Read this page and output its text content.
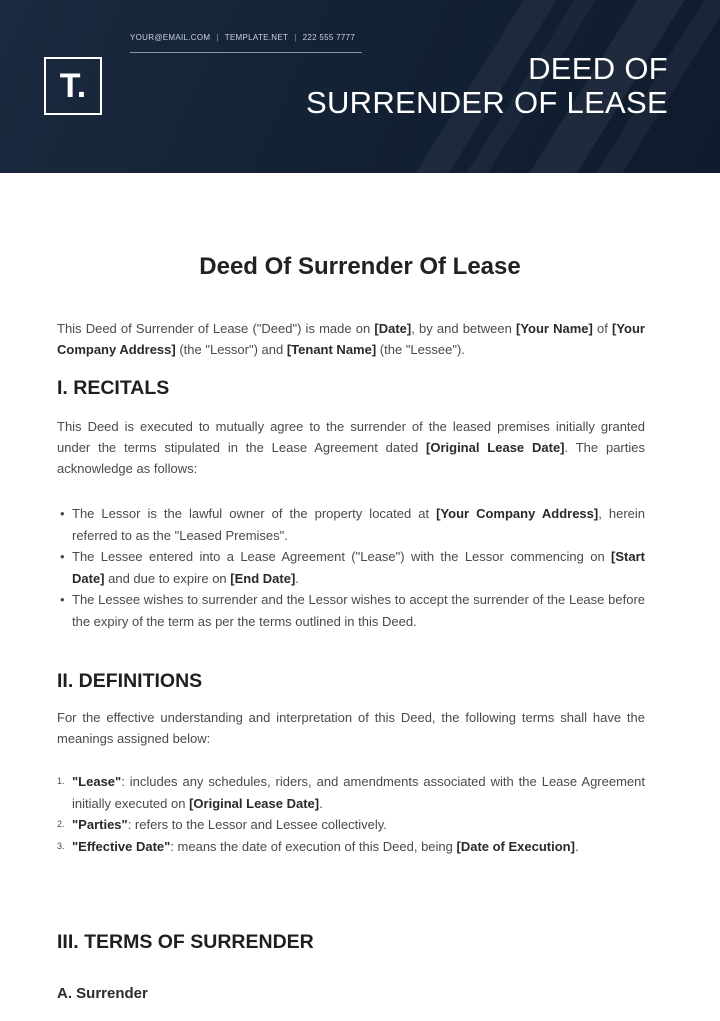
YOUR@EMAIL.COM | TEMPLATE.NET | 222 555 7777
T.	DEED OF
SURRENDER OF LEASE
Deed Of Surrender Of Lease

This Deed of Surrender of Lease ("Deed") is made on [Date], by and between [Your Name] of [Your Company Address] (the "Lessor") and [Tenant Name] (the "Lessee").

I. RECITALS

This Deed is executed to mutually agree to the surrender of the leased premises initially granted under the terms stipulated in the Lease Agreement dated [Original Lease Date]. The parties acknowledge as follows:

• The Lessor is the lawful owner of the property located at [Your Company Address], herein referred to as the "Leased Premises".
• The Lessee entered into a Lease Agreement ("Lease") with the Lessor commencing on [Start Date] and due to expire on [End Date].
• The Lessee wishes to surrender and the Lessor wishes to accept the surrender of the Lease before the expiry of the term as per the terms outlined in this Deed.
II. DEFINITIONS

For the effective understanding and interpretation of this Deed, the following terms shall have the meanings assigned below:

1. "Lease": includes any schedules, riders, and amendments associated with the Lease Agreement initially executed on [Original Lease Date].
2. "Parties": refers to the Lessor and Lessee collectively.
3. "Effective Date": means the date of execution of this Deed, being [Date of Execution].
III. TERMS OF SURRENDER
A. Surrender
